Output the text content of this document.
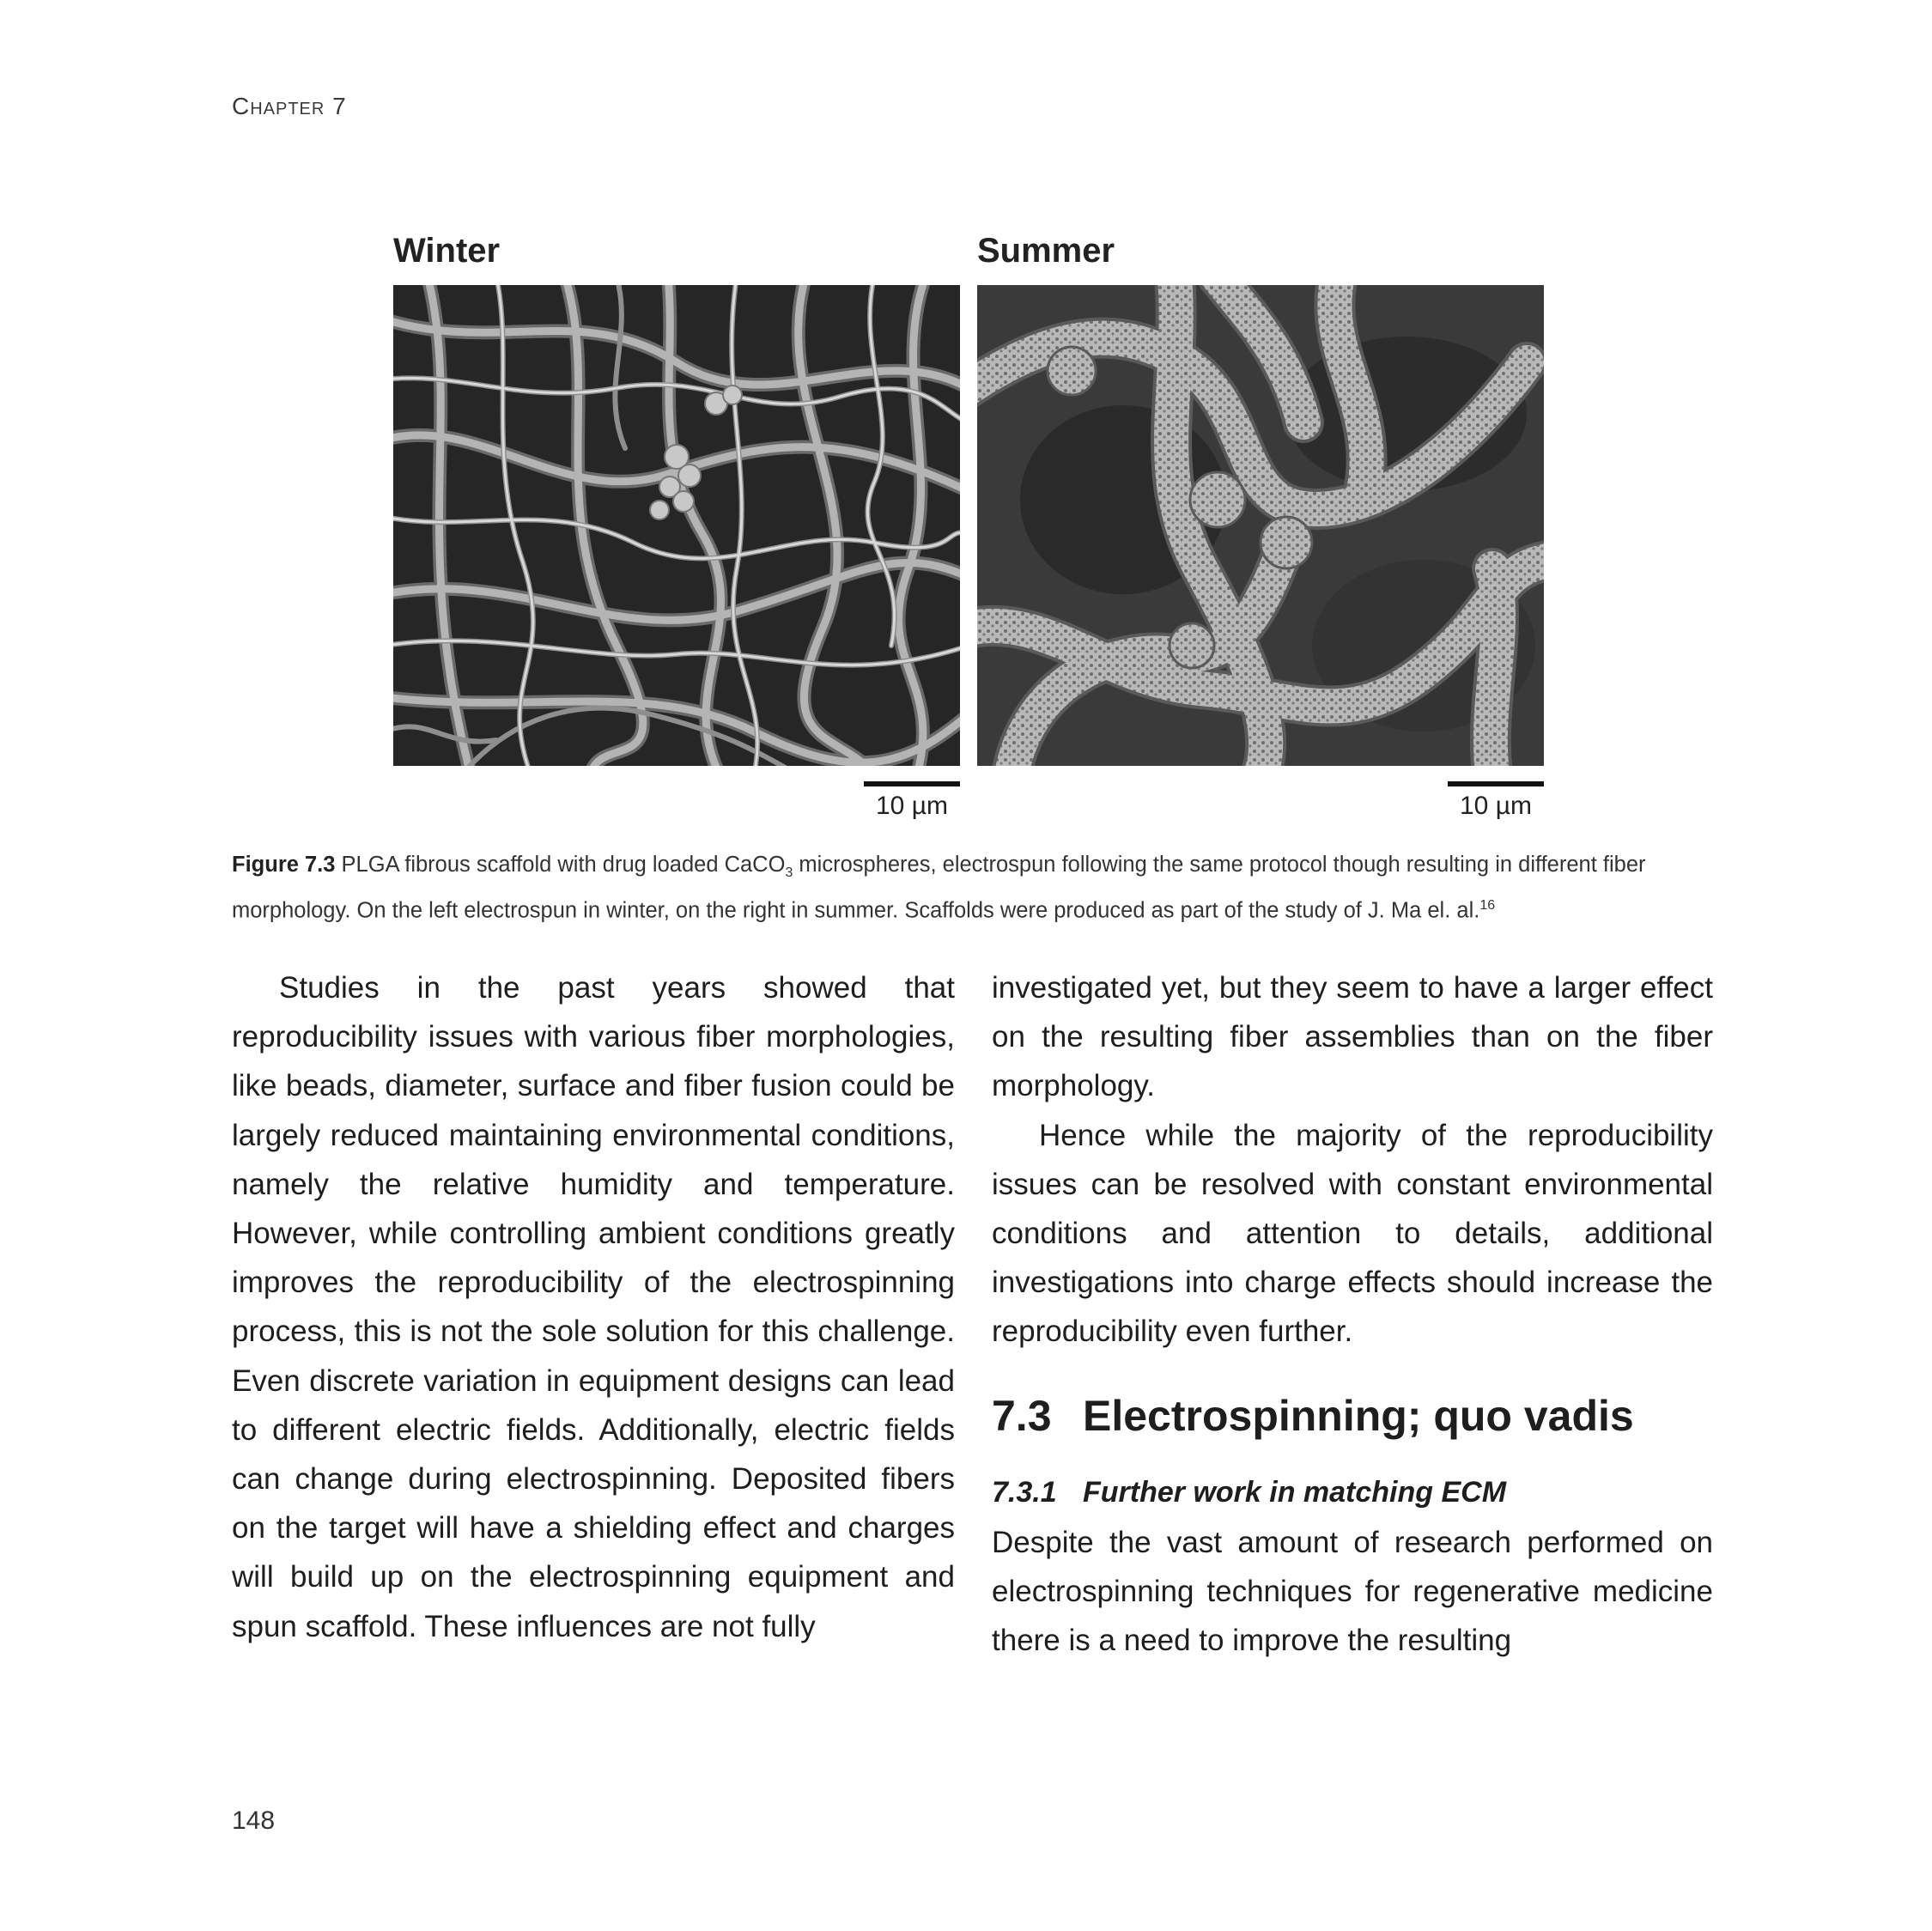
Chapter 7
Winter	Summer
10 µm	10 µm
Figure 7.3 PLGA fibrous scaffold with drug loaded CaCO$_3$ microspheres, electrospun following the same protocol though resulting in different fiber morphology. On the left electrospun in winter, on the right in summer. Scaffolds were produced as part of the study of J. Ma el. al.$^{16}$

Studies in the past years showed that reproducibility issues with various fiber morphologies, like beads, diameter, surface and fiber fusion could be largely reduced maintaining environmental conditions, namely the relative humidity and temperature. However, while controlling ambient conditions greatly improves the reproducibility of the electrospinning process, this is not the sole solution for this challenge. Even discrete variation in equipment designs can lead to different electric fields. Additionally, electric fields can change during electrospinning. Deposited fibers on the target will have a shielding effect and charges will build up on the electrospinning equipment and spun scaffold. These influences are not fully

investigated yet, but they seem to have a larger effect on the resulting fiber assemblies than on the fiber morphology.

Hence while the majority of the reproducibility issues can be resolved with constant environmental conditions and attention to details, additional investigations into charge effects should increase the reproducibility even further.

7.3 Electrospinning; quo vadis
7.3.1 Further work in matching ECM

Despite the vast amount of research performed on electrospinning techniques for regenerative medicine there is a need to improve the resulting

148
